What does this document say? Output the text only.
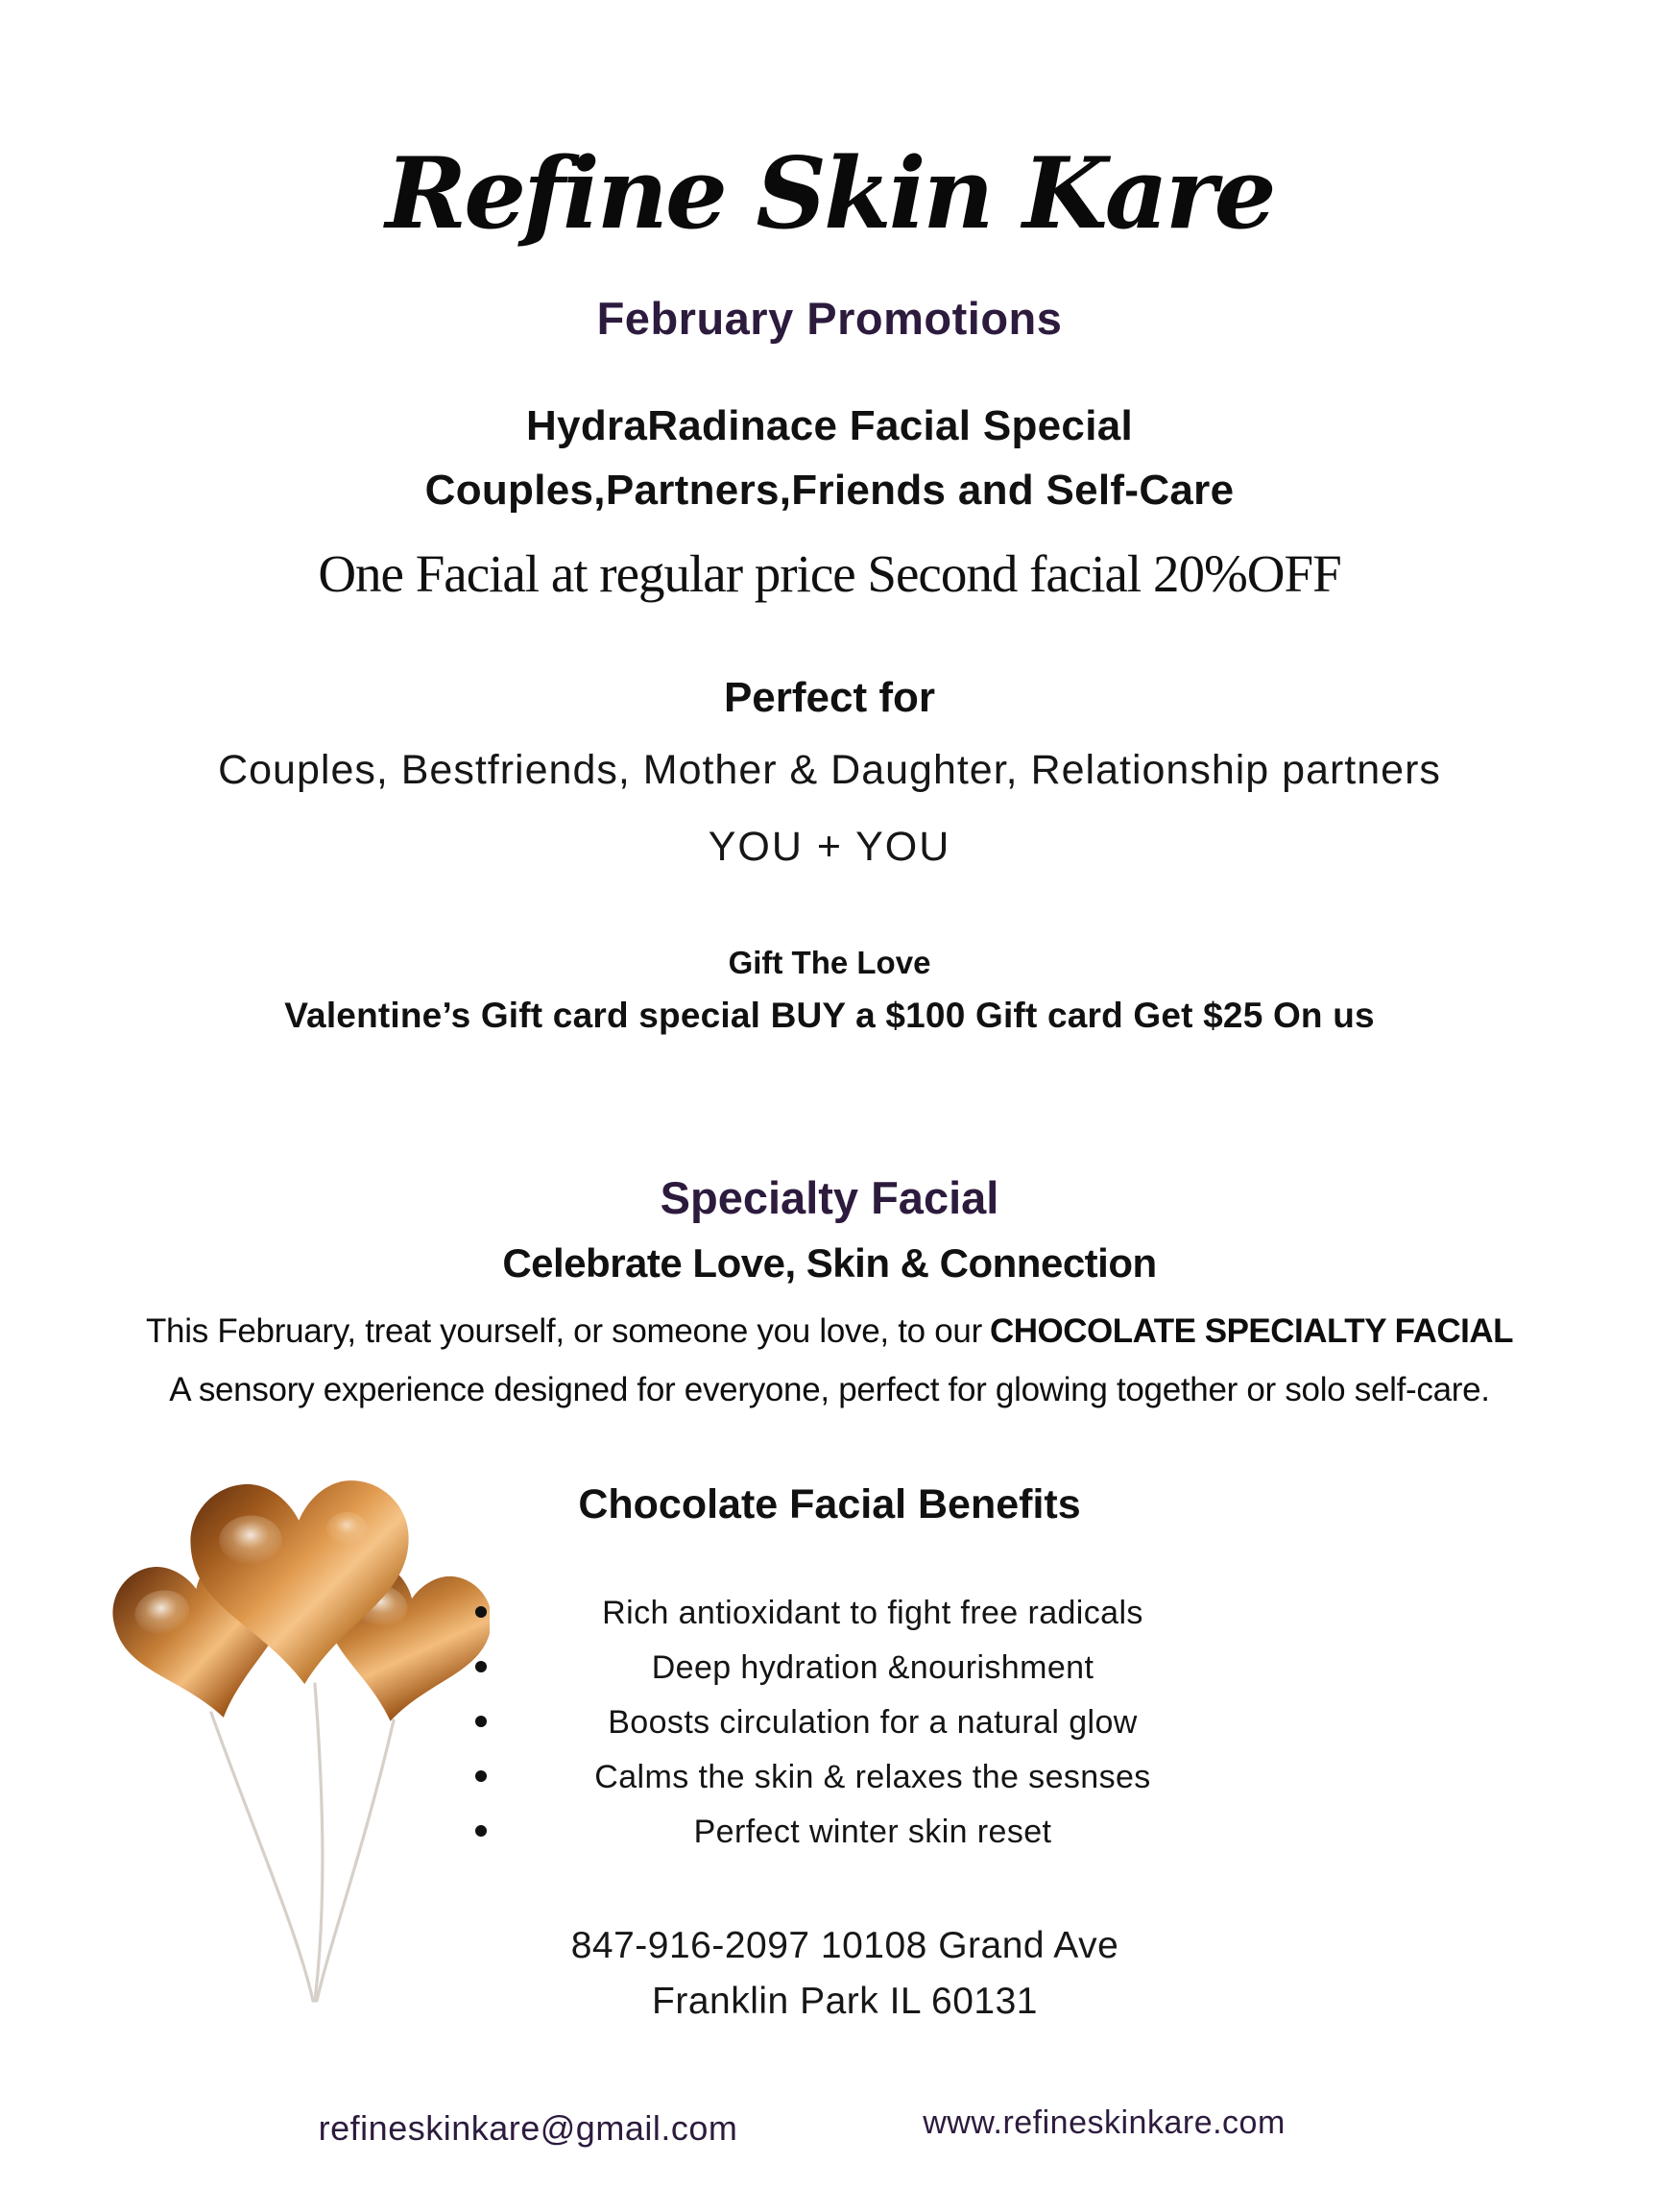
Refine Skin Kare
February Promotions
HydraRadinace Facial Special
Couples,Partners,Friends and Self-Care
One Facial at regular price Second facial 20%OFF
Perfect for
Couples, Bestfriends, Mother & Daughter, Relationship partners
YOU + YOU
Gift The Love
Valentine’s Gift card special BUY a $100 Gift card Get $25 On us
Specialty Facial
Celebrate Love, Skin & Connection
This February, treat yourself, or someone you love, to our CHOCOLATE SPECIALTY FACIAL
A sensory experience designed for everyone, perfect for glowing together or solo self-care.
Chocolate Facial Benefits
Rich antioxidant to fight free radicals
Deep hydration &nourishment
Boosts circulation for a natural glow
Calms the skin & relaxes the sesnses
Perfect winter skin reset
847-916-2097 10108 Grand Ave
Franklin Park IL 60131
refineskinkare@gmail.com	www.refineskinkare.com
